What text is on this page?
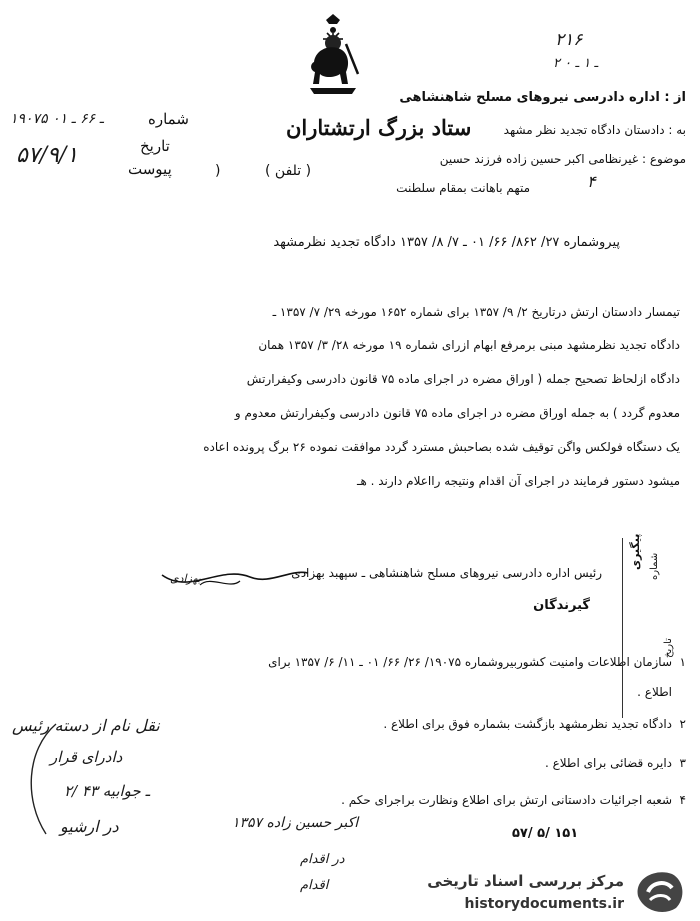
۲۱۶
۲ ـ ۱ ـ ۰
از : اداره دادرسی نیروهای مسلح شاهنشاهی
به : دادستان دادگاه تجدید نظر مشهد
موضوع : غیرنظامی اکبر حسین زاده فرزند حسین
متهم باهانت بمقام سلطنت	۴
ستاد بزرگ ارتشتاران
( تلفن )
)
شماره
۱۹۰۷۵ ـ ۶۶ ـ ۰۱
تاریخ
۵۷/۹/۱
پیوست
پیروشماره ۲۷/ ۸۶۲/ ۶۶/ ۰۱ ـ ۷/ ۸/ ۱۳۵۷ دادگاه تجدید نظرمشهد
تیمسار دادستان ارتش درتاریخ ۲/ ۹/ ۱۳۵۷ برای شماره ۱۶۵۲ مورخه ۲۹/ ۷/ ۱۳۵۷ ـ
دادگاه تجدید نظرمشهد مبنی برمرفع ابهام ازرای شماره ۱۹ مورخه ۲۸/ ۳/ ۱۳۵۷ همان
دادگاه ازلحاظ تصحیح جمله ( اوراق مضره در اجرای ماده ۷۵ قانون دادرسی وکیفرارتش
معدوم گردد ) به جمله اوراق مضره در اجرای ماده ۷۵ قانون دادرسی وکیفرارتش معدوم و
یک دستگاه فولکس واگن توقیف شده بصاحبش مسترد گردد موافقت نموده ۲۶ برگ پرونده اعاده
میشود دستور فرمایند در اجرای آن اقدام ونتیجه رااعلام دارند . هـ
رئیس اداره دادرسی نیروهای مسلح شاهنشاهی ـ سپهبد بهزادی
بهزادی
گیرندگان
۱
سازمان اطلاعات وامنیت کشوربیروشماره ۱۹۰۷۵/ ۲۶/ ۶۶/ ۰۱ ـ ۱۱/ ۶/ ۱۳۵۷ برای
اطلاع .
۲
دادگاه تجدید نظرمشهد بازگشت بشماره فوق برای اطلاع .
۳
دایره قضائی برای اطلاع .
۴
شعبه اجرائیات دادستانی ارتش برای اطلاع ونظارت براجرای حکم .
۵۷/ ۵/ ۱۵۱
نقل نام از دسته رئیس
دادرای قرار
۲/ ۴۳ ـ جوابیه
در ارشیو	اکبر حسین زاده ۱۳۵۷
در اقدام
اقدام
پیگیری شماره
تاریخ
مرکز بررسی اسناد تاریخی
historydocuments.ir
